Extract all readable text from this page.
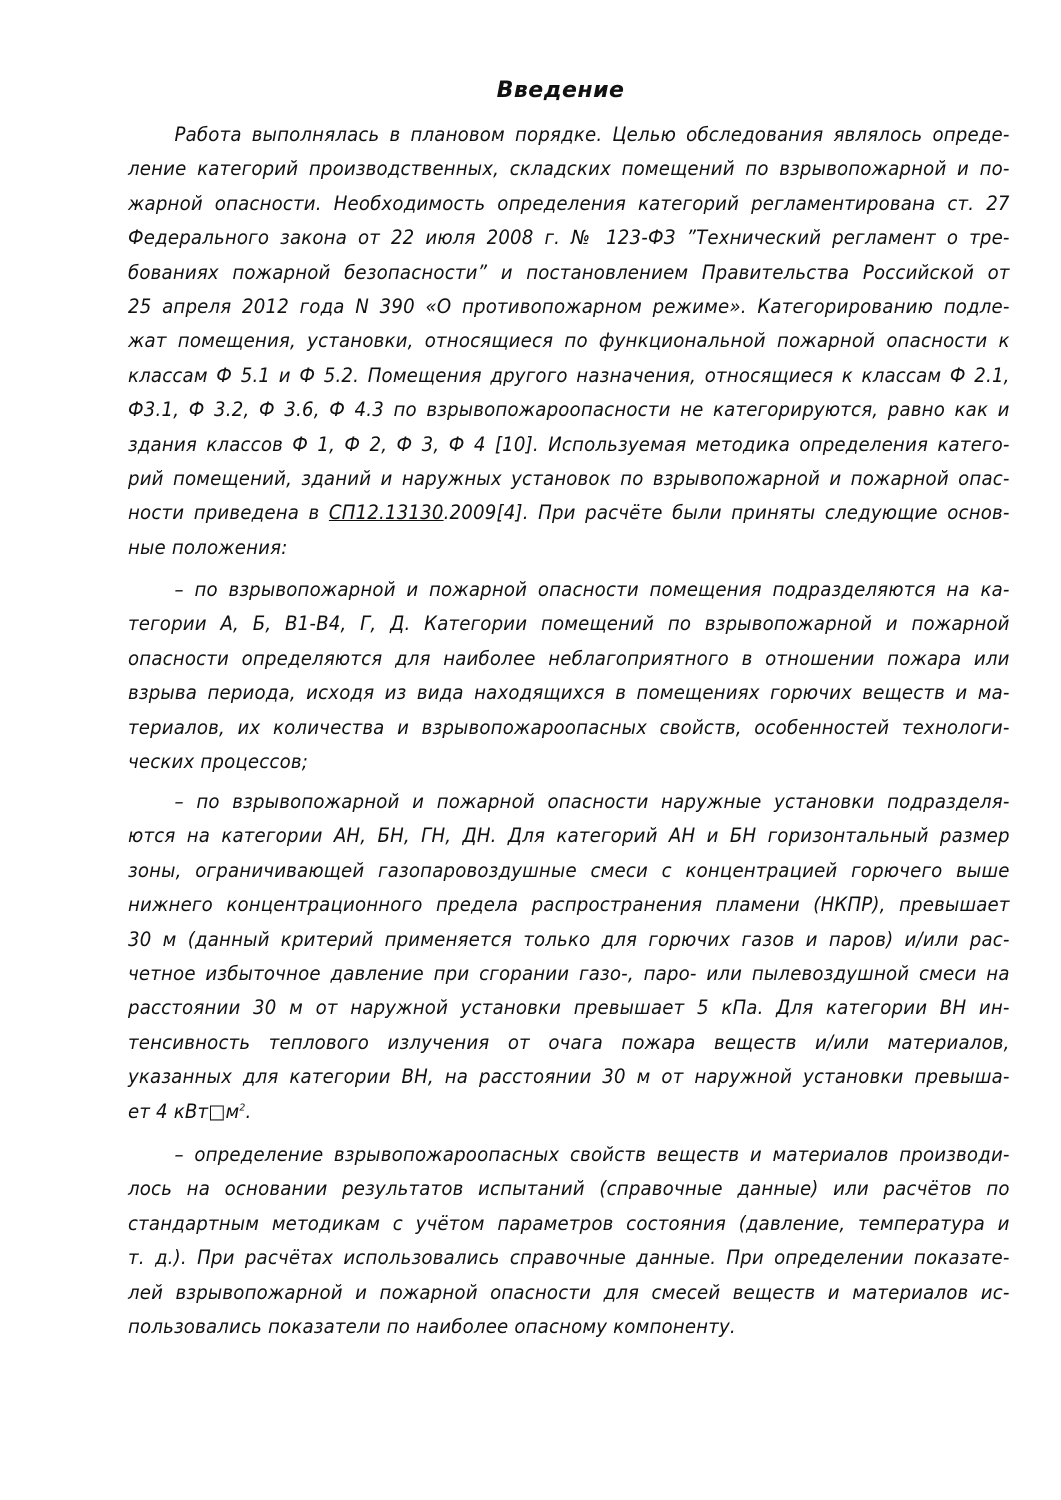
Введение
Работа выполнялась в плановом порядке. Целью обследования являлось опреде-
ление категорий производственных, складских помещений по взрывопожарной и по-
жарной опасности. Необходимость определения категорий регламентирована ст. 27
Федерального закона от 22 июля 2008 г. № 123-ФЗ ”Технический регламент о тре-
бованиях пожарной безопасности” и постановлением Правительства Российской от
25 апреля 2012 года N 390 «О противопожарном режиме». Категорированию подле-
жат помещения, установки, относящиеся по функциональной пожарной опасности к
классам Ф 5.1 и Ф 5.2. Помещения другого назначения, относящиеся к классам Ф 2.1,
Ф3.1, Ф 3.2, Ф 3.6, Ф 4.3 по взрывопожароопасности не категорируются, равно как и
здания классов Ф 1, Ф 2, Ф 3, Ф 4 [10]. Используемая методика определения катего-
рий помещений, зданий и наружных установок по взрывопожарной и пожарной опас-
ности приведена в СП12.13130.2009[4]. При расчёте были приняты следующие основ-
ные положения:
– по взрывопожарной и пожарной опасности помещения подразделяются на ка-
тегории А, Б, В1-В4, Г, Д. Категории помещений по взрывопожарной и пожарной
опасности определяются для наиболее неблагоприятного в отношении пожара или
взрыва периода, исходя из вида находящихся в помещениях горючих веществ и ма-
териалов, их количества и взрывопожароопасных свойств, особенностей технологи-
ческих процессов;
– по взрывопожарной и пожарной опасности наружные установки подразделя-
ются на категории АН, БН, ГН, ДН. Для категорий АН и БН горизонтальный размер
зоны, ограничивающей газопаровоздушные смеси с концентрацией горючего выше
нижнего концентрационного предела распространения пламени (НКПР), превышает
30 м (данный критерий применяется только для горючих газов и паров) и/или рас-
четное избыточное давление при сгорании газо-, паро- или пылевоздушной смеси на
расстоянии 30 м от наружной установки превышает 5 кПа. Для категории ВН ин-
тенсивность теплового излучения от очага пожара веществ и/или материалов,
указанных для категории ВН, на расстоянии 30 м от наружной установки превыша-
ет 4 $кВт□м^2$.
– определение взрывопожароопасных свойств веществ и материалов производи-
лось на основании результатов испытаний (справочные данные) или расчётов по
стандартным методикам с учётом параметров состояния (давление, температура и
т. д.). При расчётах использовались справочные данные. При определении показате-
лей взрывопожарной и пожарной опасности для смесей веществ и материалов ис-
пользовались показатели по наиболее опасному компоненту.
